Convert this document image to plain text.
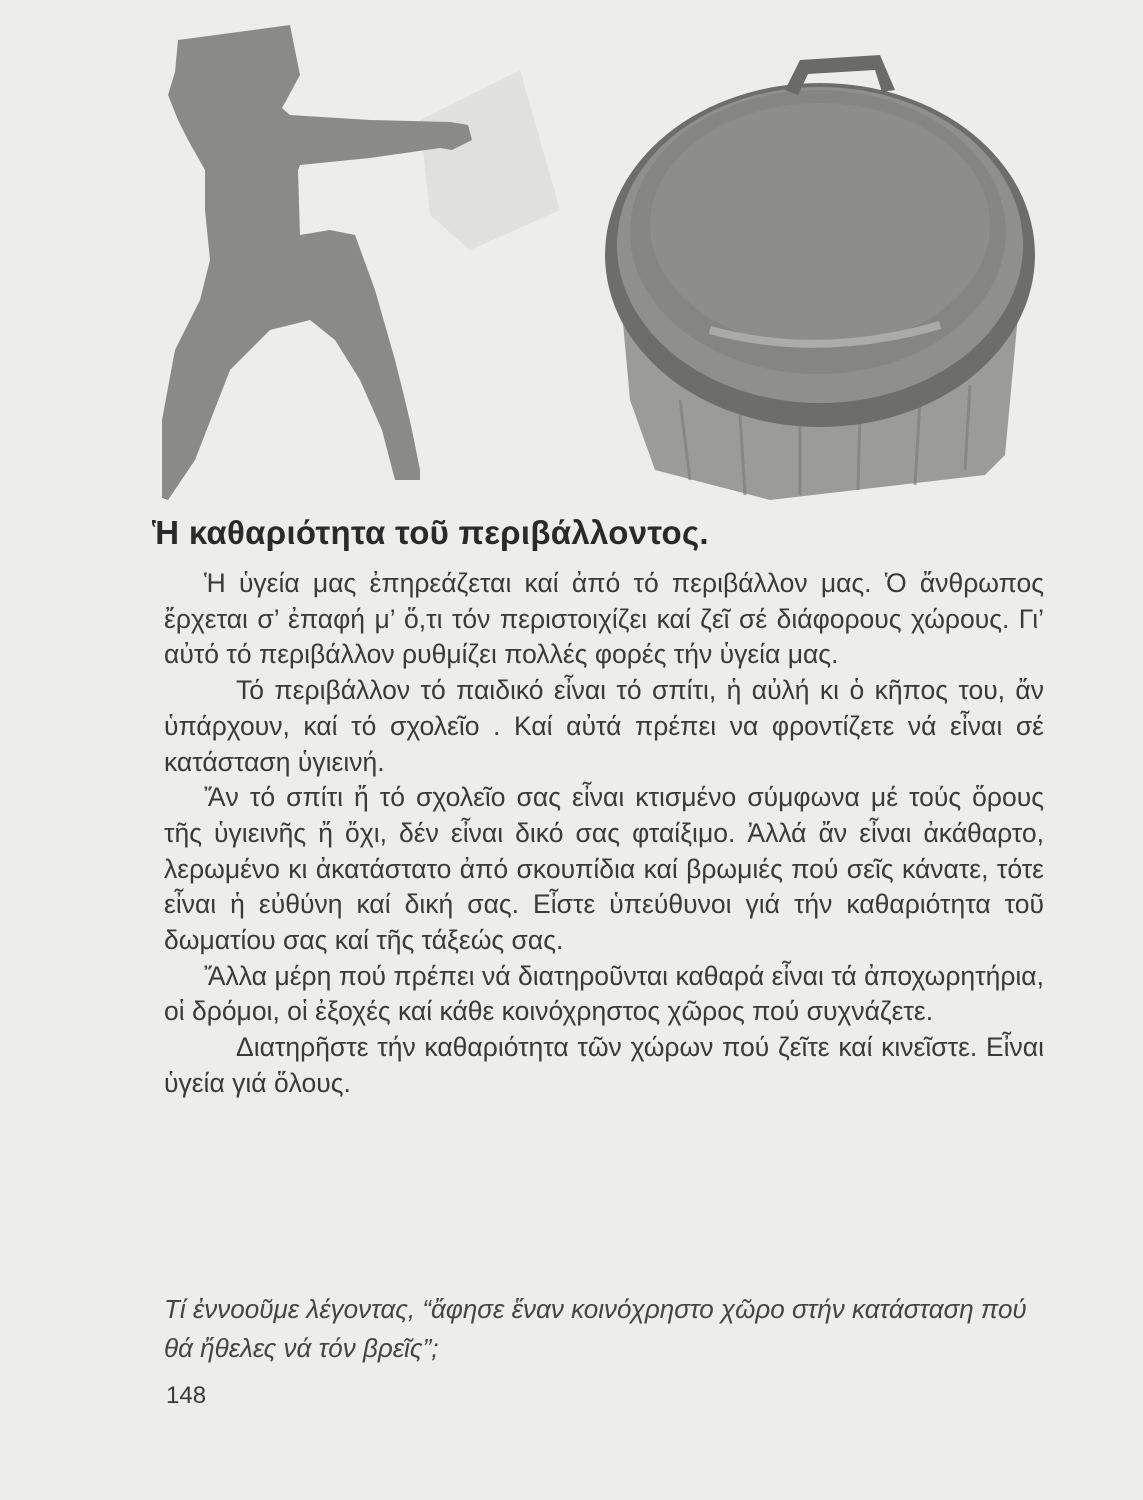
Ἡ καθαριότητα τοῦ περιβάλλοντος.

Ἡ ὑγεία μας ἐπηρεάζεται καί ἀπό τό περιβάλλον μας. Ὁ ἄνθρωπος ἔρχεται σ’ ἐπαφή μ’ ὅ,τι τόν περιστοιχίζει καί ζεῖ σέ διάφορους χώρους. Γι’ αὐτό τό περιβάλλον ρυθμίζει πολλές φορές τήν ὑγεία μας.

Τό περιβάλλον τό παιδικό εἶναι τό σπίτι, ἡ αὐλή κι ὁ κῆπος του, ἄν ὑπάρχουν, καί τό σχολεῖο . Καί αὐτά πρέπει να φροντίζετε νά εἶναι σέ κατάσταση ὑγιεινή.

Ἄν τό σπίτι ἤ τό σχολεῖο σας εἶναι κτισμένο σύμφωνα μέ τούς ὅρους τῆς ὑγιεινῆς ἤ ὄχι, δέν εἶναι δικό σας φταίξιμο. Ἀλλά ἄν εἶναι ἀκάθαρτο, λερωμένο κι ἀκατάστατο ἀπό σκουπίδια καί βρωμιές πού σεῖς κάνατε, τότε εἶναι ἡ εὐθύνη καί δική σας. Εἶστε ὑπεύθυνοι γιά τήν καθαριότητα τοῦ δωματίου σας καί τῆς τάξεώς σας.

Ἄλλα μέρη πού πρέπει νά διατηροῦνται καθαρά εἶναι τά ἀποχωρητήρια, οἱ δρόμοι, οἱ ἐξοχές καί κάθε κοινόχρηστος χῶρος πού συχνάζετε.

Διατηρῆστε τήν καθαριότητα τῶν χώρων πού ζεῖτε καί κινεῖστε. Εἶναι ὑγεία γιά ὅλους.

Τί ἐννοοῦμε λέγοντας, “ἄφησε ἕναν κοινόχρηστο χῶρο στήν κατάσταση πού θά ἤθελες νά τόν βρεῖς”;

148
